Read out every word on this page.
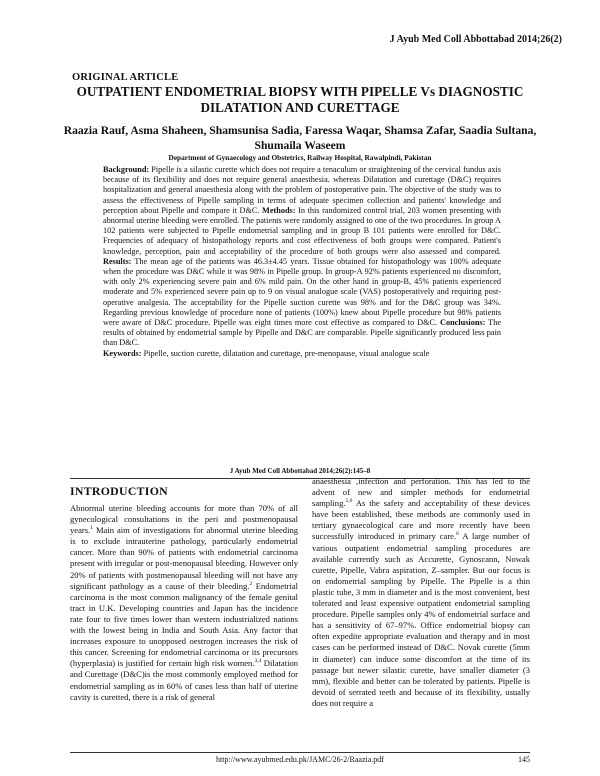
J Ayub Med Coll Abbottabad 2014;26(2)
ORIGINAL ARTICLE
OUTPATIENT ENDOMETRIAL BIOPSY WITH PIPELLE Vs DIAGNOSTIC DILATATION AND CURETTAGE
Raazia Rauf, Asma Shaheen, Shamsunisa Sadia, Faressa Waqar, Shamsa Zafar, Saadia Sultana, Shumaila Waseem
Department of Gynaecology and Obstetrics, Railway Hospital, Rawalpindi, Pakistan
Background: Pipelle is a silastic curette which does not require a tenaculum or straightening of the cervical fundus axis because of its flexibility and does not require general anaesthesia. whereas Dilatation and curettage (D&C) requires hospitalization and general anaesthesia along with the problem of postoperative pain. The objective of the study was to assess the effectiveness of Pipelle sampling in terms of adequate specimen collection and patients' knowledge and perception about Pipelle and compare it D&C. Methods: In this randomized control trial, 203 women presenting with abnormal uterine bleeding were enrolled. The patients were randomly assigned to one of the two procedures. In group A 102 patients were subjected to Pipelle endometrial sampling and in group B 101 patients were enrolled for D&C. Frequencies of adequacy of histopathology reports and cost effectiveness of both groups were compared. Patient's knowledge, perception, pain and acceptability of the procedure of both groups were also assessed and compared. Results: The mean age of the patients was 46.3±4.45 years. Tissue obtained for histopathology was 100% adequate when the procedure was D&C while it was 98% in Pipelle group. In group-A 92% patients experienced no discomfort, with only 2% experiencing severe pain and 6% mild pain. On the other hand in group-B, 45% patients experienced moderate and 5% experienced severe pain up to 9 on visual analogue scale (VAS) postoperatively and requiring post-operative analgesia. The acceptability for the Pipelle suction curette was 98% and for the D&C group was 34%. Regarding previous knowledge of procedure none of patients (100%) knew about Pipelle procedure but 98% patients were aware of D&C procedure. Pipelle was eight times more cost effective as compared to D&C. Conclusions: The results of obtained by endometrial sample by Pipelle and D&C are comparable. Pipelle significantly produced less pain than D&C.
Keywords: Pipelle, suction curette, dilatation and curettage, pre-menopause, visual analogue scale
J Ayub Med Coll Abbottabad 2014;26(2):145–8
INTRODUCTION
Abnormal uterine bleeding accounts for more than 70% of all gynecological consultations in the peri and postmenopausal years.$^1$ Main aim of investigations for abnormal uterine bleeding is to exclude intrauterine pathology, particularly endometrial cancer. More than 90% of patients with endometrial carcinoma present with irregular or post-menopausal bleeding. However only 20% of patients with postmenopausal bleeding will not have any significant pathology as a cause of their bleeding.$^2$ Endometrial carcinoma is the most common malignancy of the female genital tract in U.K. Developing countries and Japan has the incidence rate four to five times lower than western industrialized nations with the lowest being in India and South Asia. Any factor that increases exposure to unopposed oestrogen increases the risk of this cancer. Screening for endometrial carcinoma or its precursors (hyperplasia) is justified for certain high risk women.$^{3,4}$ Dilatation and Curettage (D&C)is the most commonly employed method for endometrial sampling as in 60% of cases less than half of uterine cavity is curetted, there is a risk of general
anaesthesia ,infection and perforation. This has led to the advent of new and simpler methods for endometrial sampling.$^{5,6}$ As the safety and acceptability of these devices have been established, these methods are commonly used in tertiary gynaecological care and more recently have been successfully introduced in primary care.$^6$ A large number of various outpatient endometrial sampling procedures are available currently such as Accurette, Gynoscann, Nowak curette, Pipelle, Vabra aspiration, Z–sampler. But our focus is on endometrial sampling by Pipelle. The Pipelle is a thin plastic tube, 3 mm in diameter and is the most convenient, best tolerated and least expensive outpatient endometrial sampling procedure. Pipelle samples only 4% of endometrial surface and has a sensitivity of 67–97%. Office endometrial biopsy can often expedite appropriate evaluation and therapy and in most cases can be performed instead of D&C. Novak curette (5mm in diameter) can induce some discomfort at the time of its passage but newer silastic curette, have smaller diameter (3 mm), flexible and better can be tolerated by patients. Pipelle is devoid of serrated teeth and because of its flexibility, usually does not require a
http://www.ayubmed.edu.pk/JAMC/26-2/Raazia.pdf	145
